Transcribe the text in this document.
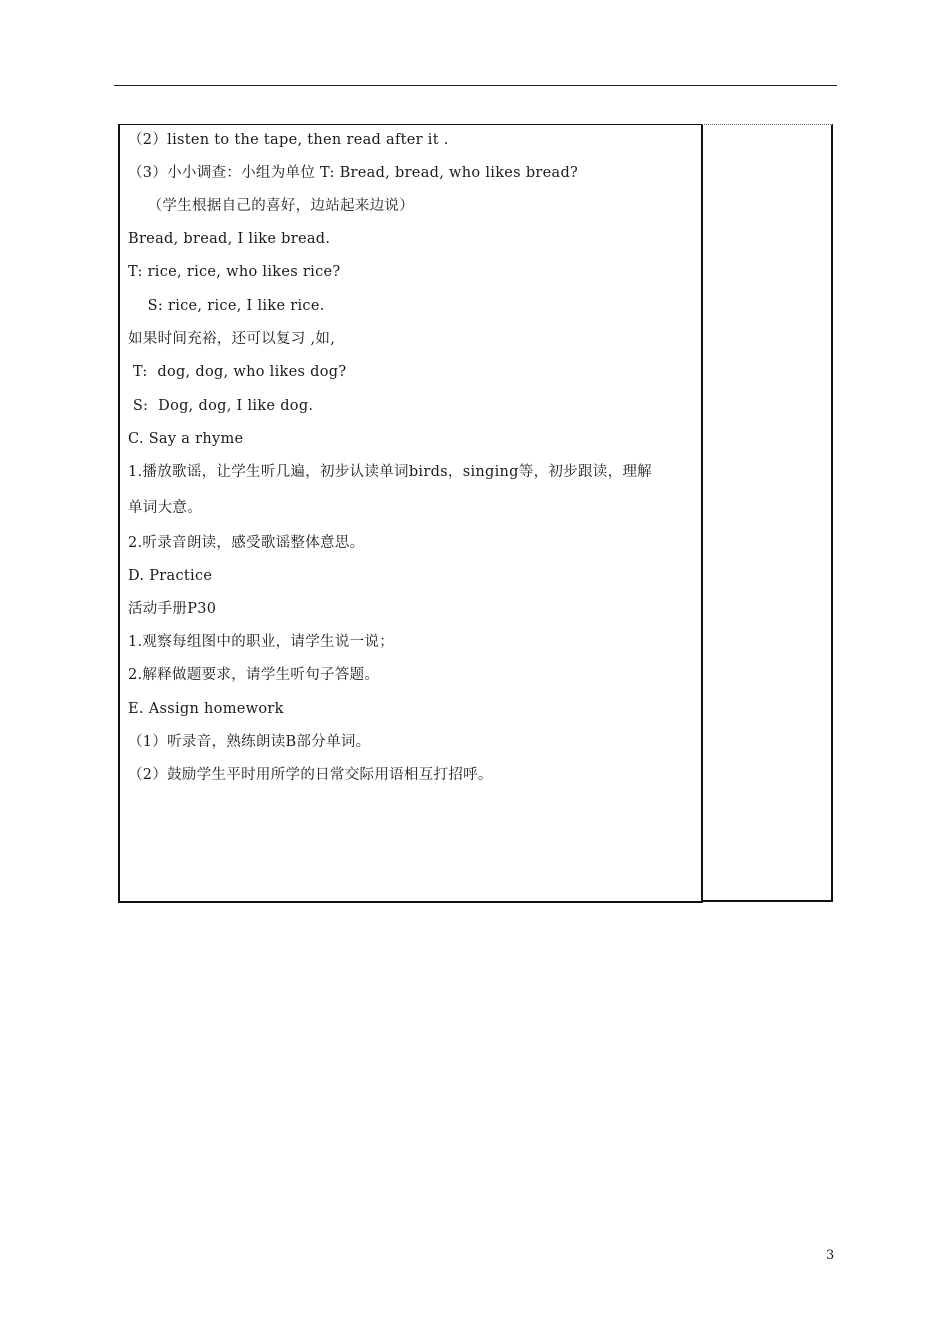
（2）listen to the tape, then read after it .
（3）小小调查：小组为单位 T: Bread, bread, who likes bread?
（学生根据自己的喜好，边站起来边说）
Bread, bread, I like bread.
T: rice, rice, who likes rice?
S: rice, rice, I like rice.
如果时间充裕，还可以复习 ,如,
T:  dog, dog, who likes dog?
S:  Dog, dog, I like dog.
C. Say a rhyme
1.播放歌谣，让学生听几遍，初步认读单词birds，singing等，初步跟读，理解
单词大意。
2.听录音朗读，感受歌谣整体意思。
D. Practice
活动手册P30
1.观察每组图中的职业，请学生说一说；
2.解释做题要求，请学生听句子答题。
E. Assign homework
（1）听录音，熟练朗读B部分单词。
（2）鼓励学生平时用所学的日常交际用语相互打招呼。
3
